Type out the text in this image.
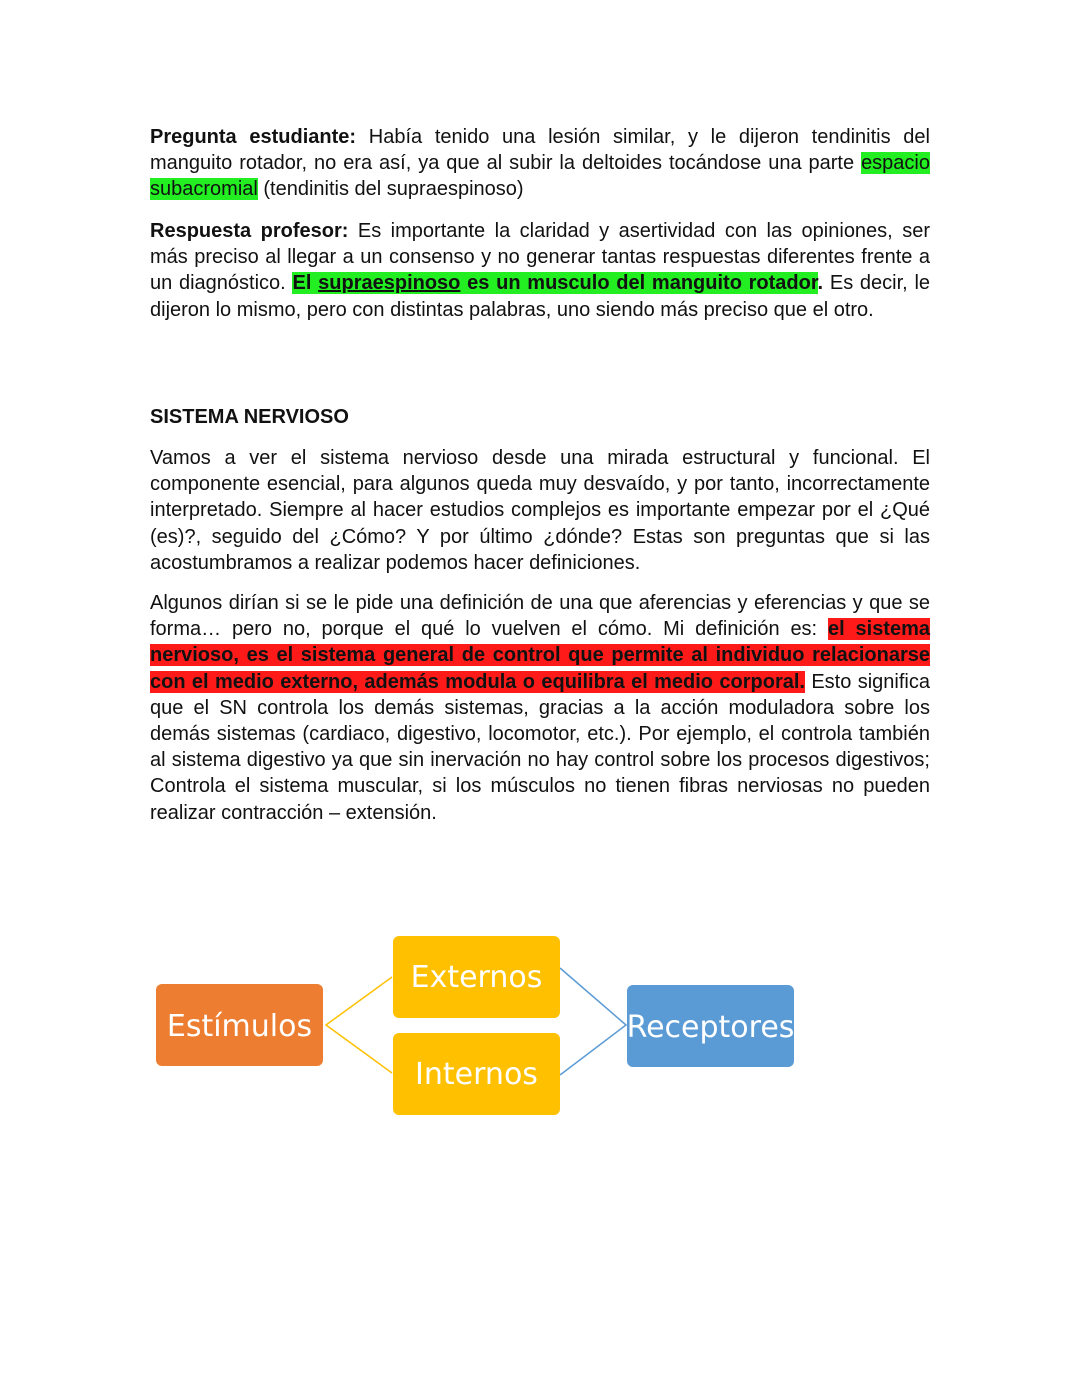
Pregunta estudiante: Había tenido una lesión similar, y le dijeron tendinitis del manguito rotador, no era así, ya que al subir la deltoides tocándose una parte espacio subacromial (tendinitis del supraespinoso)

Respuesta profesor: Es importante la claridad y asertividad con las opiniones, ser más preciso al llegar a un consenso y no generar tantas respuestas diferentes frente a un diagnóstico. El supraespinoso es un musculo del manguito rotador. Es decir, le dijeron lo mismo, pero con distintas palabras, uno siendo más preciso que el otro.

SISTEMA NERVIOSO

Vamos a ver el sistema nervioso desde una mirada estructural y funcional. El componente esencial, para algunos queda muy desvaído, y por tanto, incorrectamente interpretado. Siempre al hacer estudios complejos es importante empezar por el ¿Qué (es)?, seguido del ¿Cómo? Y por último ¿dónde? Estas son preguntas que si las acostumbramos a realizar podemos hacer definiciones.

Algunos dirían si se le pide una definición de una que aferencias y eferencias y que se forma… pero no, porque el qué lo vuelven el cómo. Mi definición es: el sistema nervioso, es el sistema general de control que permite al individuo relacionarse con el medio externo, además modula o equilibra el medio corporal. Esto significa que el SN controla los demás sistemas, gracias a la acción moduladora sobre los demás sistemas (cardiaco, digestivo, locomotor, etc.). Por ejemplo, el controla también al sistema digestivo ya que sin inervación no hay control sobre los procesos digestivos; Controla el sistema muscular, si los músculos no tienen fibras nerviosas no pueden realizar contracción – extensión.

Estímulos
Externos
Internos
Receptores
